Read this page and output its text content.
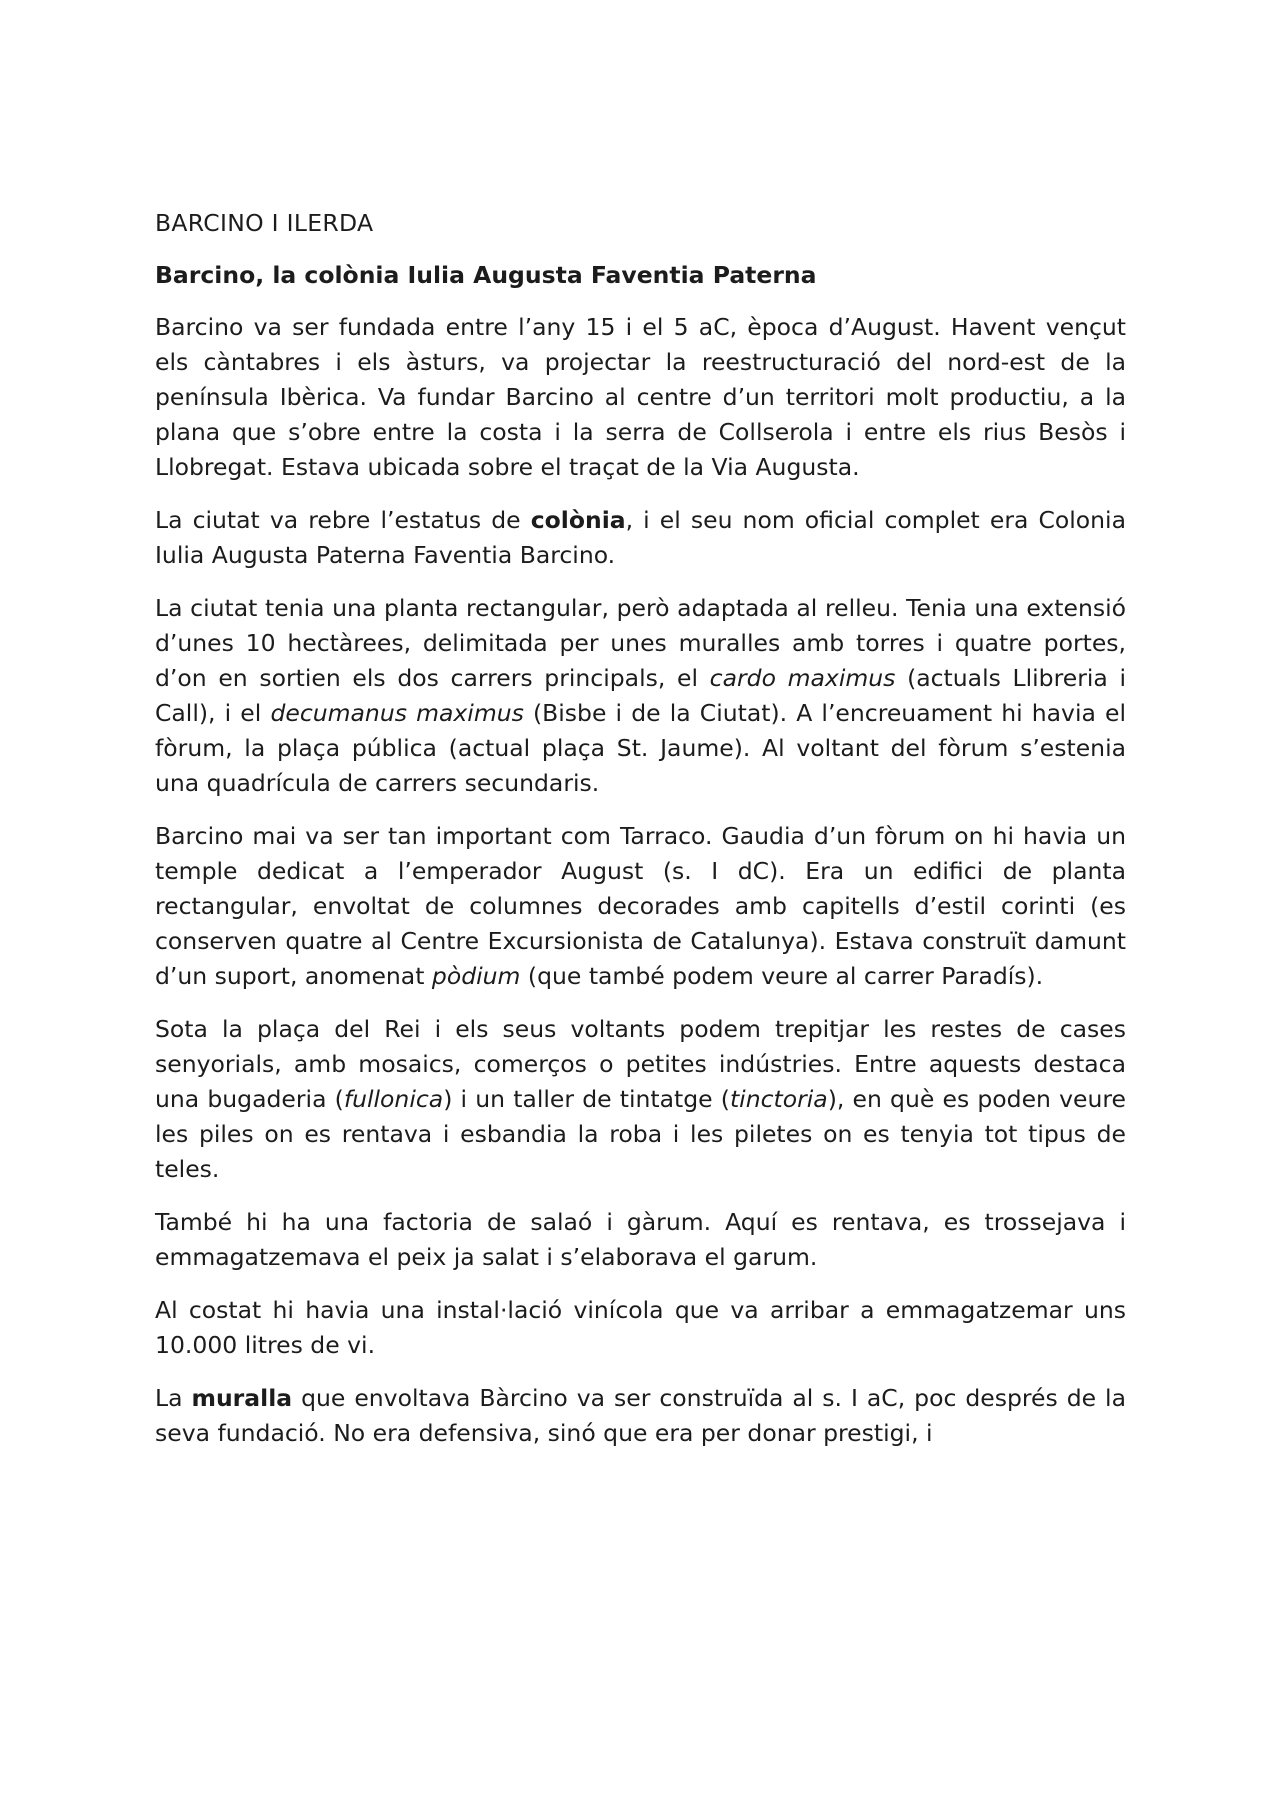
BARCINO I ILERDA
Barcino, la colònia Iulia Augusta Faventia Paterna

Barcino va ser fundada entre l’any 15 i el 5 aC, època d’August. Havent vençut els càntabres i els àsturs, va projectar la reestructuració del nord-est de la península Ibèrica. Va fundar Barcino al centre d’un territori molt productiu, a la plana que s’obre entre la costa i la serra de Collserola i entre els rius Besòs i Llobregat. Estava ubicada sobre el traçat de la Via Augusta.

La ciutat va rebre l’estatus de colònia, i el seu nom oficial complet era Colonia Iulia Augusta Paterna Faventia Barcino.

La ciutat tenia una planta rectangular, però adaptada al relleu. Tenia una extensió d’unes 10 hectàrees, delimitada per unes muralles amb torres i quatre portes, d’on en sortien els dos carrers principals, el cardo maximus (actuals Llibreria i Call), i el decumanus maximus (Bisbe i de la Ciutat). A l’encreuament hi havia el fòrum, la plaça pública (actual plaça St. Jaume). Al voltant del fòrum s’estenia una quadrícula de carrers secundaris.

Barcino mai va ser tan important com Tarraco. Gaudia d’un fòrum on hi havia un temple dedicat a l’emperador August (s. I dC). Era un edifici de planta rectangular, envoltat de columnes decorades amb capitells d’estil corinti (es conserven quatre al Centre Excursionista de Catalunya). Estava construït damunt d’un suport, anomenat pòdium (que també podem veure al carrer Paradís).

Sota la plaça del Rei i els seus voltants podem trepitjar les restes de cases senyorials, amb mosaics, comerços o petites indústries. Entre aquests destaca una bugaderia (fullonica) i un taller de tintatge (tinctoria), en què es poden veure les piles on es rentava i esbandia la roba i les piletes on es tenyia tot tipus de teles.

També hi ha una factoria de salaó i gàrum. Aquí es rentava, es trossejava i emmagatzemava el peix ja salat i s’elaborava el garum.

Al costat hi havia una instal·lació vinícola que va arribar a emmagatzemar uns 10.000 litres de vi.

La muralla que envoltava Bàrcino va ser construïda al s. I aC, poc després de la seva fundació. No era defensiva, sinó que era per donar prestigi, i
